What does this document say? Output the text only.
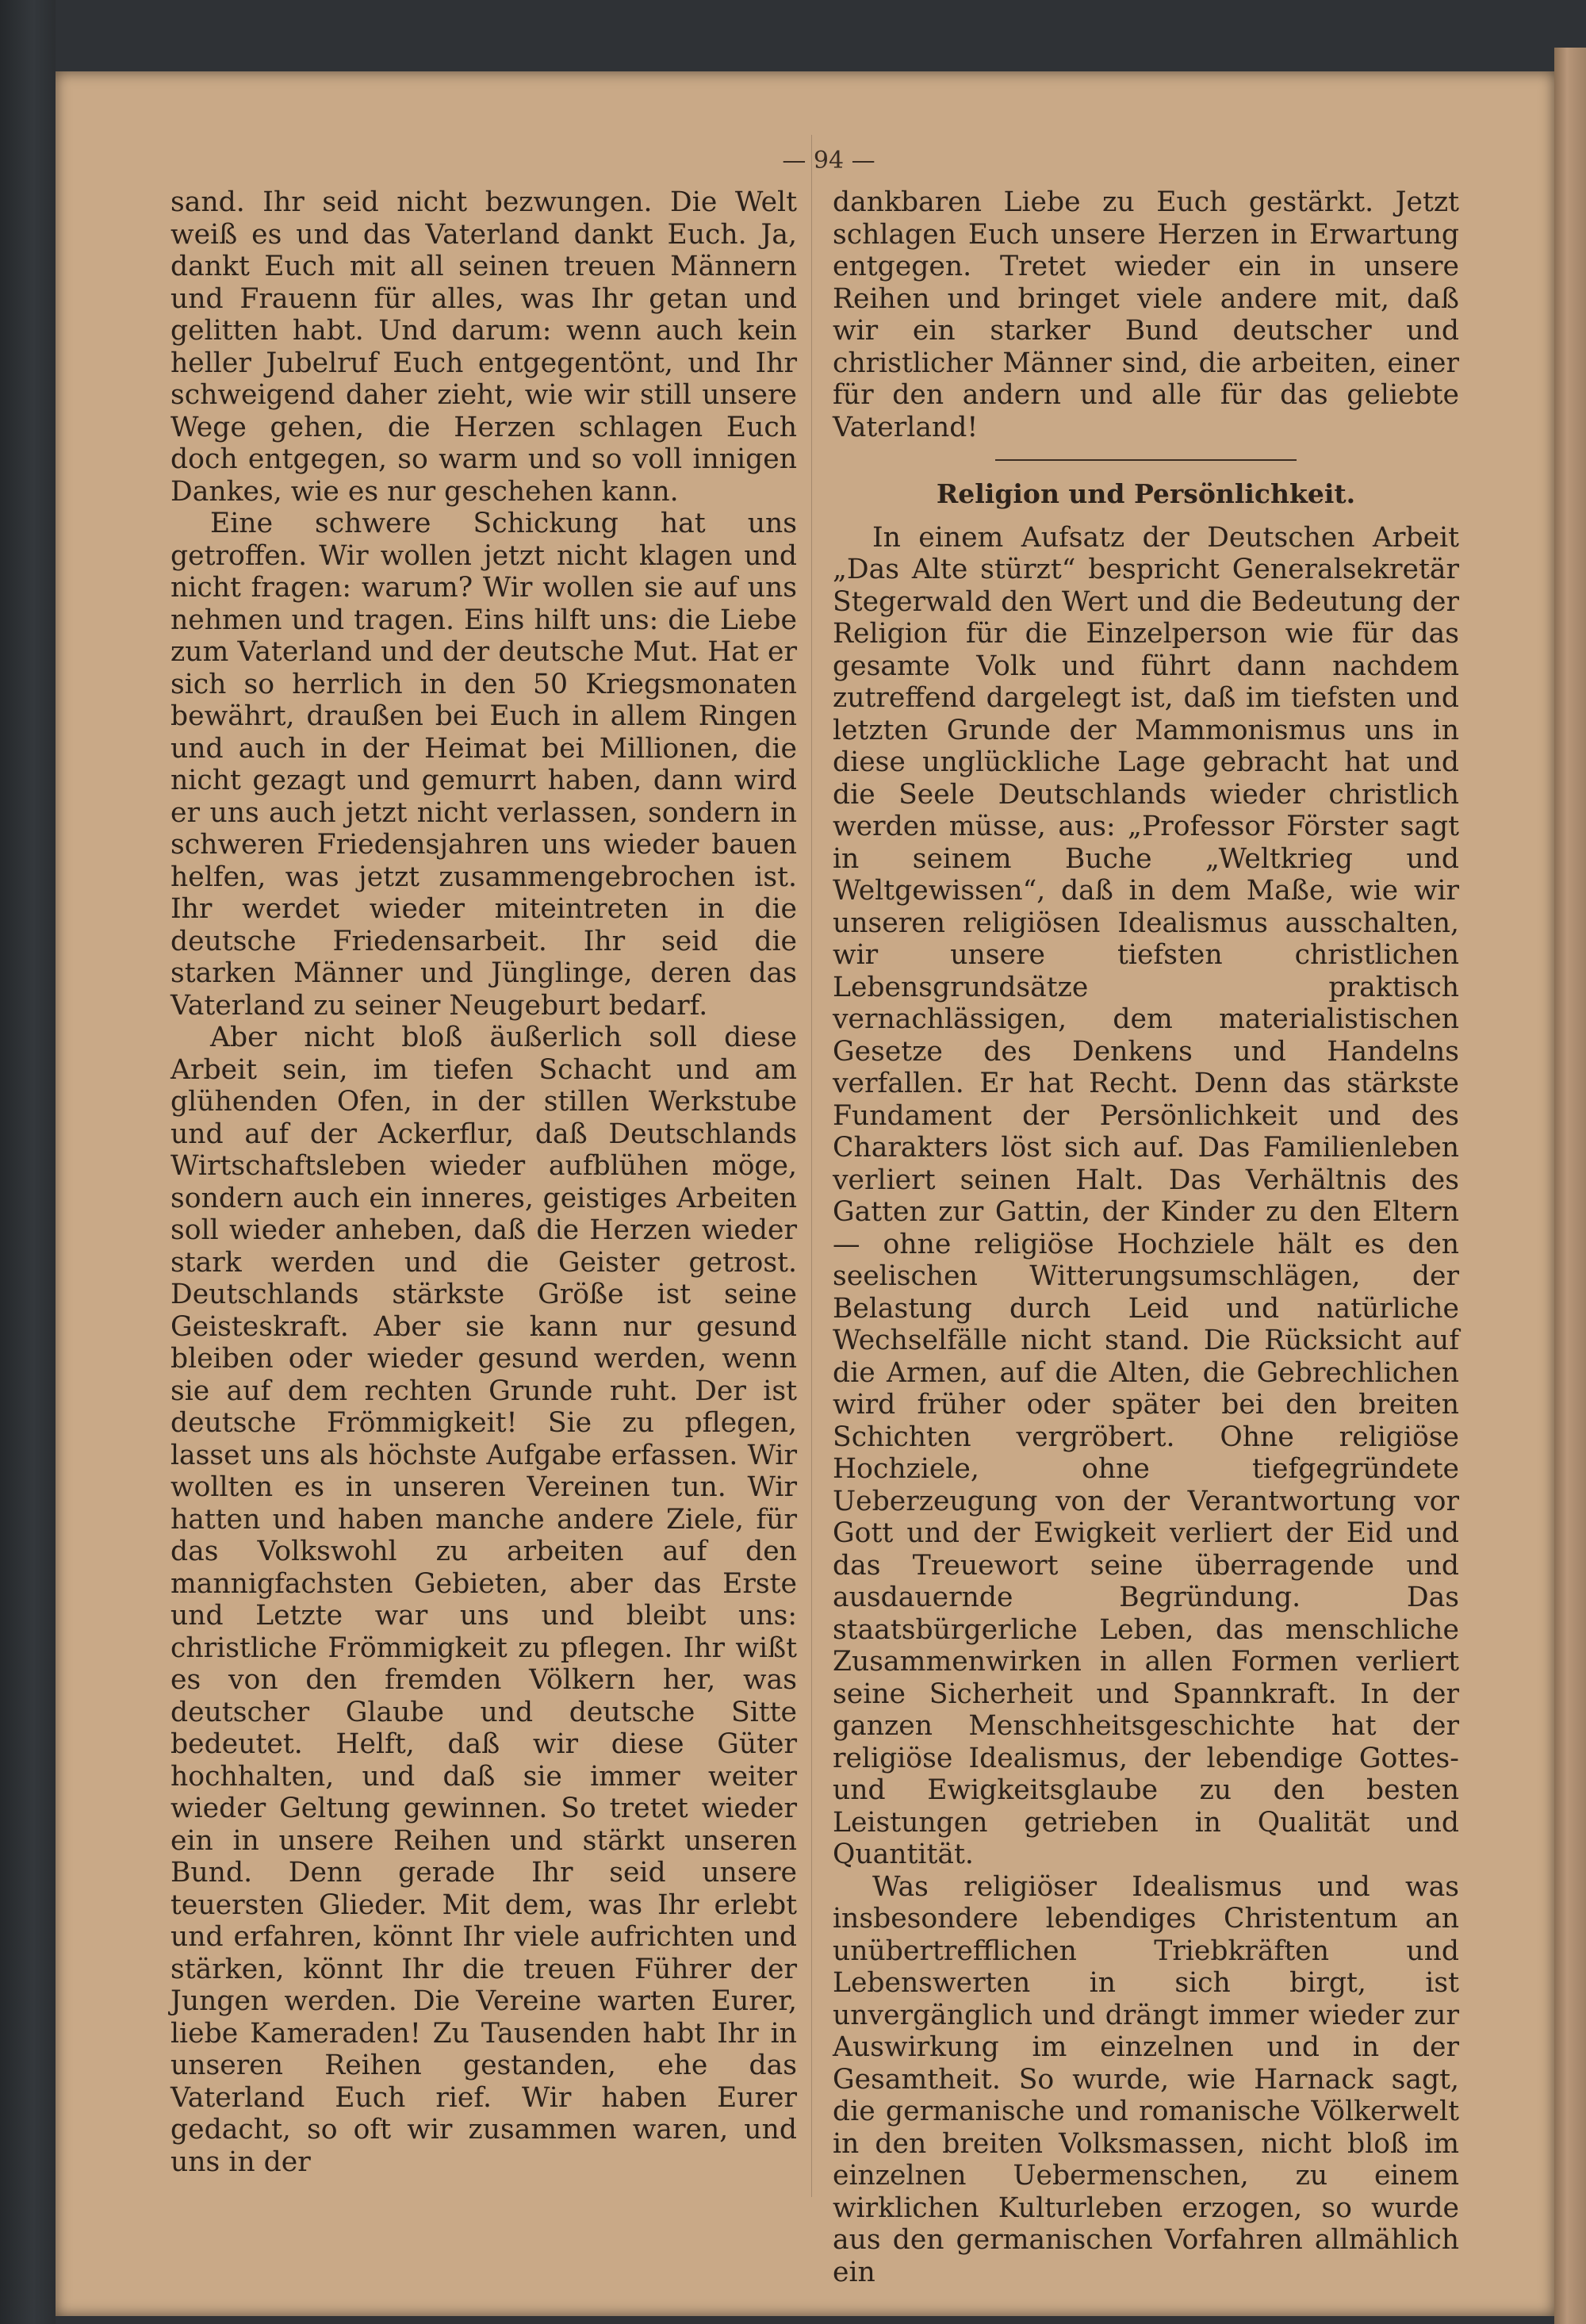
— 94 —

sand. Ihr seid nicht bezwungen. Die Welt weiß es und das Vaterland dankt Euch. Ja, dankt Euch mit all seinen treuen Männern und Frauenn für alles, was Ihr getan und gelitten habt. Und darum: wenn auch kein heller Jubelruf Euch entgegentönt, und Ihr schweigend daher zieht, wie wir still unsere Wege gehen, die Herzen schlagen Euch doch entgegen, so warm und so voll innigen Dankes, wie es nur geschehen kann.

Eine schwere Schickung hat uns getroffen. Wir wollen jetzt nicht klagen und nicht fragen: warum? Wir wollen sie auf uns nehmen und tragen. Eins hilft uns: die Liebe zum Vaterland und der deutsche Mut. Hat er sich so herrlich in den 50 Kriegsmonaten bewährt, draußen bei Euch in allem Ringen und auch in der Heimat bei Millionen, die nicht gezagt und gemurrt haben, dann wird er uns auch jetzt nicht verlassen, sondern in schweren Friedensjahren uns wieder bauen helfen, was jetzt zusammengebrochen ist. Ihr werdet wieder miteintreten in die deutsche Friedensarbeit. Ihr seid die starken Männer und Jünglinge, deren das Vaterland zu seiner Neugeburt bedarf.

Aber nicht bloß äußerlich soll diese Arbeit sein, im tiefen Schacht und am glühenden Ofen, in der stillen Werkstube und auf der Ackerflur, daß Deutschlands Wirtschaftsleben wieder aufblühen möge, sondern auch ein inneres, geistiges Arbeiten soll wieder anheben, daß die Herzen wieder stark werden und die Geister getrost. Deutschlands stärkste Größe ist seine Geisteskraft. Aber sie kann nur gesund bleiben oder wieder gesund werden, wenn sie auf dem rechten Grunde ruht. Der ist deutsche Frömmigkeit! Sie zu pflegen, lasset uns als höchste Aufgabe erfassen. Wir wollten es in unseren Vereinen tun. Wir hatten und haben manche andere Ziele, für das Volkswohl zu arbeiten auf den mannigfachsten Gebieten, aber das Erste und Letzte war uns und bleibt uns: christliche Frömmigkeit zu pflegen. Ihr wißt es von den fremden Völkern her, was deutscher Glaube und deutsche Sitte bedeutet. Helft, daß wir diese Güter hochhalten, und daß sie immer weiter wieder Geltung gewinnen. So tretet wieder ein in unsere Reihen und stärkt unseren Bund. Denn gerade Ihr seid unsere teuersten Glieder. Mit dem, was Ihr erlebt und erfahren, könnt Ihr viele aufrichten und stärken, könnt Ihr die treuen Führer der Jungen werden. Die Vereine warten Eurer, liebe Kameraden! Zu Tausenden habt Ihr in unseren Reihen gestanden, ehe das Vaterland Euch rief. Wir haben Eurer gedacht, so oft wir zusammen waren, und uns in der

dankbaren Liebe zu Euch gestärkt. Jetzt schlagen Euch unsere Herzen in Erwartung entgegen. Tretet wieder ein in unsere Reihen und bringet viele andere mit, daß wir ein starker Bund deutscher und christlicher Männer sind, die arbeiten, einer für den andern und alle für das geliebte Vaterland!

Religion und Persönlichkeit.

In einem Aufsatz der Deutschen Arbeit „Das Alte stürzt“ bespricht Generalsekretär Stegerwald den Wert und die Bedeutung der Religion für die Einzelperson wie für das gesamte Volk und führt dann nachdem zutreffend dargelegt ist, daß im tiefsten und letzten Grunde der Mammonismus uns in diese unglückliche Lage gebracht hat und die Seele Deutschlands wieder christlich werden müsse, aus: „Professor Förster sagt in seinem Buche „Weltkrieg und Weltgewissen“, daß in dem Maße, wie wir unseren religiösen Idealismus ausschalten, wir unsere tiefsten christlichen Lebensgrundsätze praktisch vernachlässigen, dem materialistischen Gesetze des Denkens und Handelns verfallen. Er hat Recht. Denn das stärkste Fundament der Persönlichkeit und des Charakters löst sich auf. Das Familienleben verliert seinen Halt. Das Verhältnis des Gatten zur Gattin, der Kinder zu den Eltern — ohne religiöse Hochziele hält es den seelischen Witterungsumschlägen, der Belastung durch Leid und natürliche Wechselfälle nicht stand. Die Rücksicht auf die Armen, auf die Alten, die Gebrechlichen wird früher oder später bei den breiten Schichten vergröbert. Ohne religiöse Hochziele, ohne tiefgegründete Ueberzeugung von der Verantwortung vor Gott und der Ewigkeit verliert der Eid und das Treuewort seine überragende und ausdauernde Begründung. Das staatsbürgerliche Leben, das menschliche Zusammenwirken in allen Formen verliert seine Sicherheit und Spannkraft. In der ganzen Menschheitsgeschichte hat der religiöse Idealismus, der lebendige Gottes- und Ewigkeitsglaube zu den besten Leistungen getrieben in Qualität und Quantität.

Was religiöser Idealismus und was insbesondere lebendiges Christentum an unübertrefflichen Triebkräften und Lebenswerten in sich birgt, ist unvergänglich und drängt immer wieder zur Auswirkung im einzelnen und in der Gesamtheit. So wurde, wie Harnack sagt, die germanische und romanische Völkerwelt in den breiten Volksmassen, nicht bloß im einzelnen Uebermenschen, zu einem wirklichen Kulturleben erzogen, so wurde aus den germanischen Vorfahren allmählich ein
